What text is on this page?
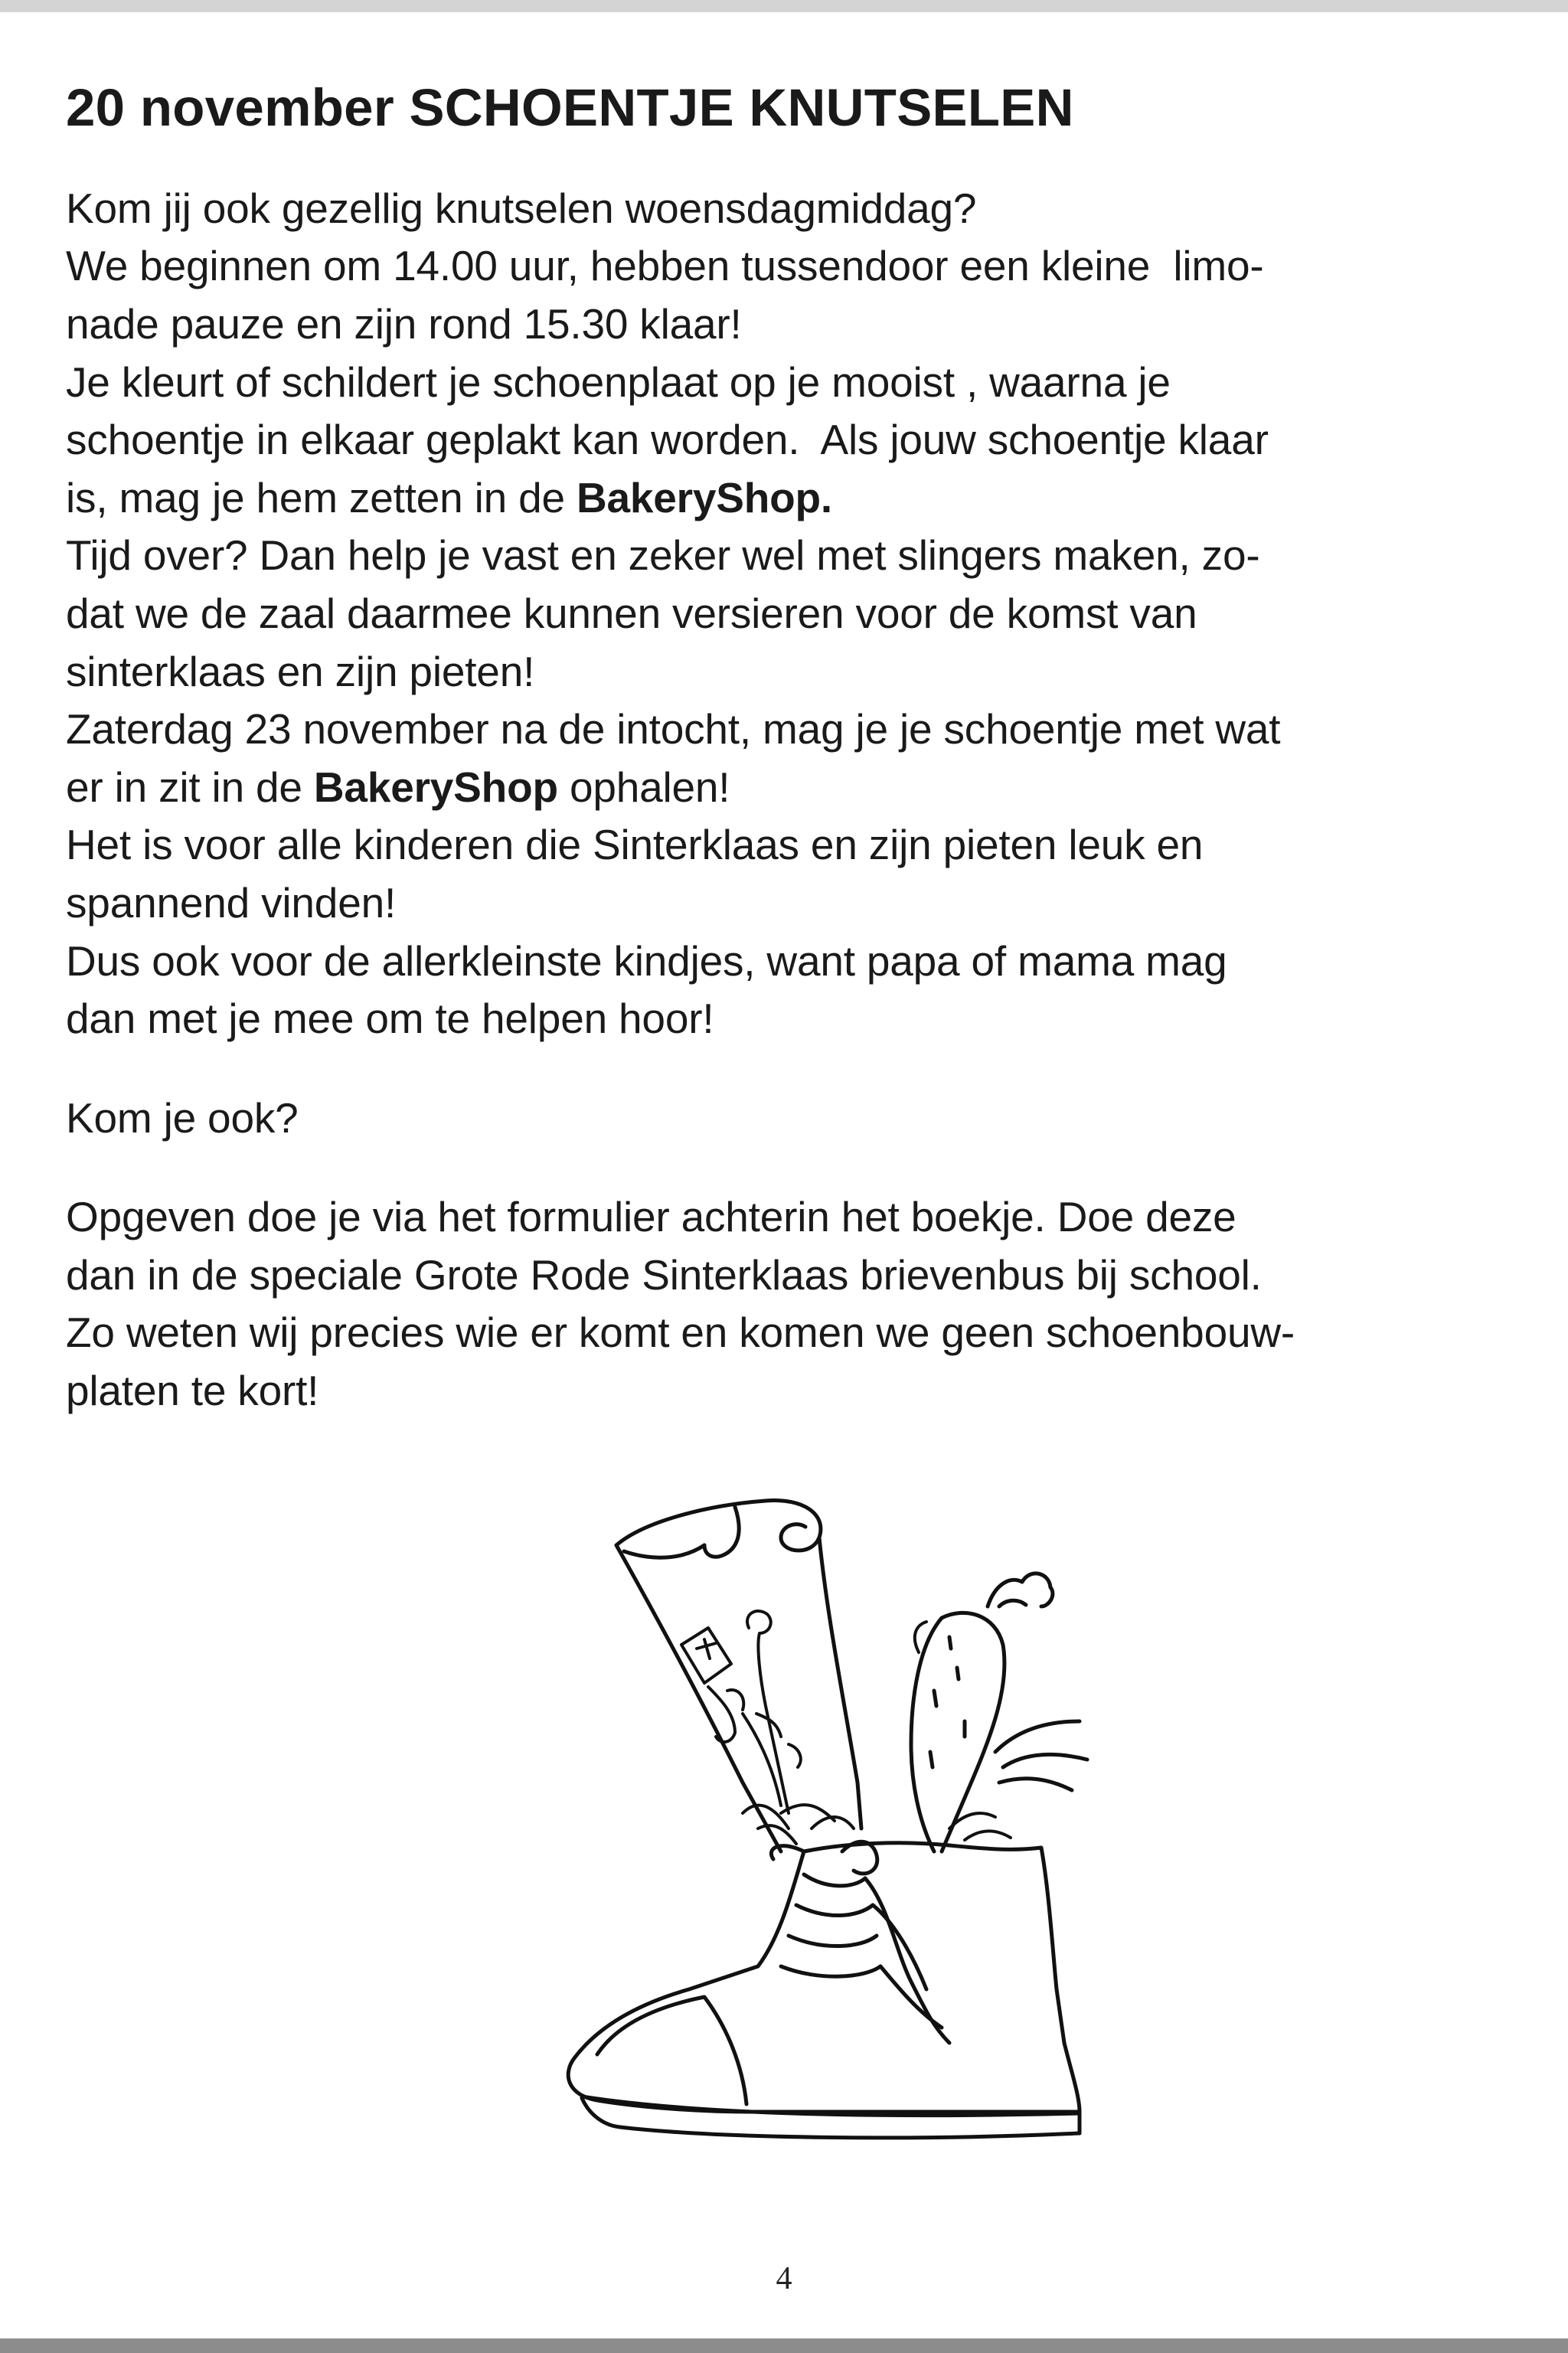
20 november SCHOENTJE KNUTSELEN
Kom jij ook gezellig knutselen woensdagmiddag?
We beginnen om 14.00 uur, hebben tussendoor een kleine  limo-
nade pauze en zijn rond 15.30 klaar!
Je kleurt of schildert je schoenplaat op je mooist , waarna je
schoentje in elkaar geplakt kan worden.  Als jouw schoentje klaar
is, mag je hem zetten in de BakeryShop.
Tijd over? Dan help je vast en zeker wel met slingers maken, zo-
dat we de zaal daarmee kunnen versieren voor de komst van
sinterklaas en zijn pieten!
Zaterdag 23 november na de intocht, mag je je schoentje met wat
er in zit in de BakeryShop ophalen!
Het is voor alle kinderen die Sinterklaas en zijn pieten leuk en
spannend vinden!
Dus ook voor de allerkleinste kindjes, want papa of mama mag
dan met je mee om te helpen hoor!
Kom je ook?
Opgeven doe je via het formulier achterin het boekje. Doe deze
dan in de speciale Grote Rode Sinterklaas brievenbus bij school.
Zo weten wij precies wie er komt en komen we geen schoenbouw-
platen te kort!
4
